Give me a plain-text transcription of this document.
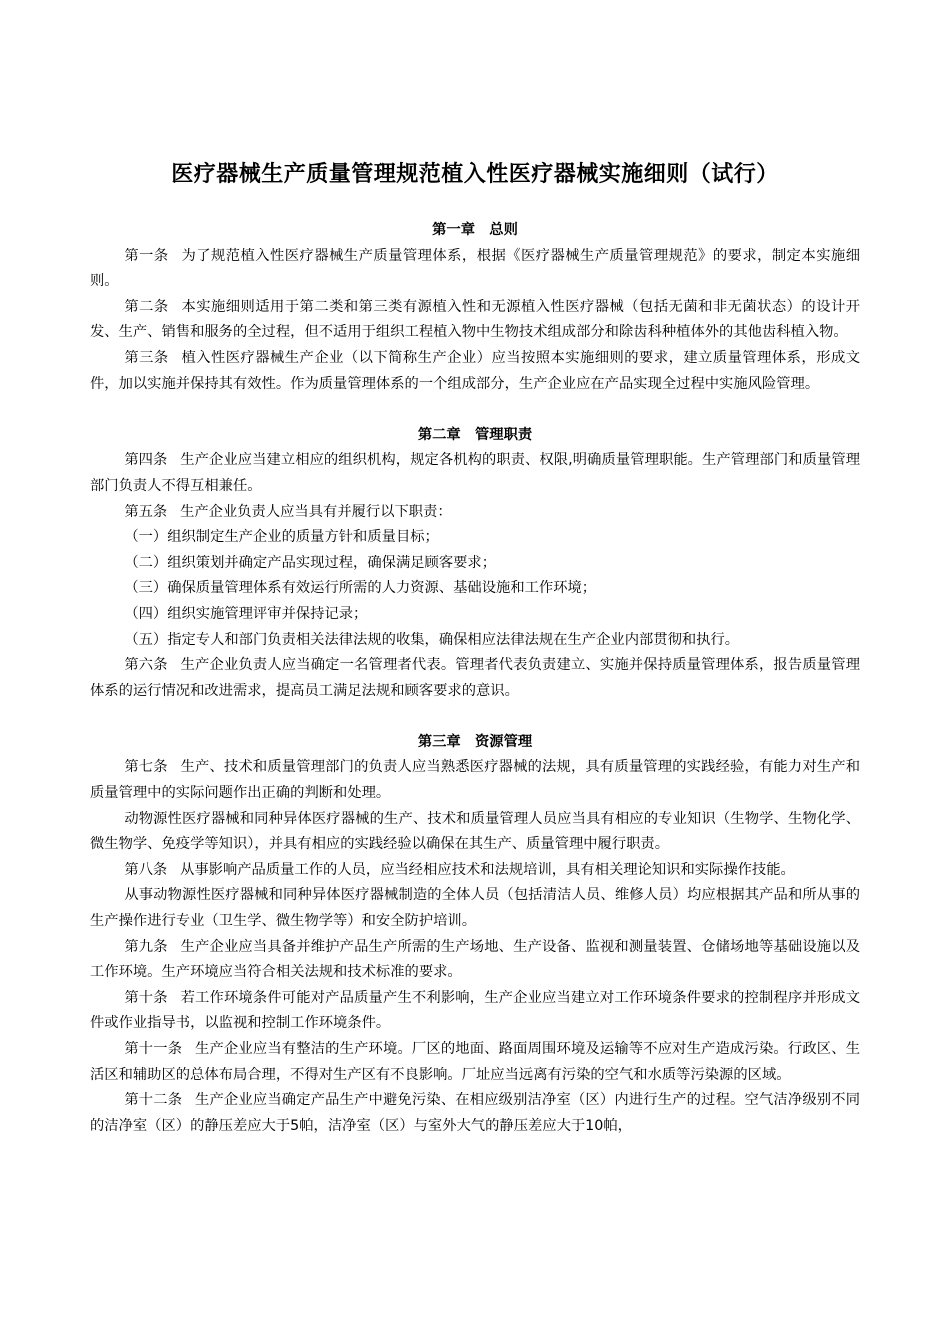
医疗器械生产质量管理规范植入性医疗器械实施细则（试行）
第一章　总则

第一条 为了规范植入性医疗器械生产质量管理体系，根据《医疗器械生产质量管理规范》的要求，制定本实施细则。

第二条 本实施细则适用于第二类和第三类有源植入性和无源植入性医疗器械（包括无菌和非无菌状态）的设计开发、生产、销售和服务的全过程，但不适用于组织工程植入物中生物技术组成部分和除齿科种植体外的其他齿科植入物。

第三条 植入性医疗器械生产企业（以下简称生产企业）应当按照本实施细则的要求，建立质量管理体系，形成文件，加以实施并保持其有效性。作为质量管理体系的一个组成部分，生产企业应在产品实现全过程中实施风险管理。

第二章　管理职责

第四条 生产企业应当建立相应的组织机构，规定各机构的职责、权限,明确质量管理职能。生产管理部门和质量管理部门负责人不得互相兼任。

第五条 生产企业负责人应当具有并履行以下职责：

（一）组织制定生产企业的质量方针和质量目标；

（二）组织策划并确定产品实现过程，确保满足顾客要求；

（三）确保质量管理体系有效运行所需的人力资源、基础设施和工作环境；

（四）组织实施管理评审并保持记录；

（五）指定专人和部门负责相关法律法规的收集，确保相应法律法规在生产企业内部贯彻和执行。

第六条 生产企业负责人应当确定一名管理者代表。管理者代表负责建立、实施并保持质量管理体系，报告质量管理体系的运行情况和改进需求，提高员工满足法规和顾客要求的意识。

第三章　资源管理

第七条 生产、技术和质量管理部门的负责人应当熟悉医疗器械的法规，具有质量管理的实践经验，有能力对生产和质量管理中的实际问题作出正确的判断和处理。

动物源性医疗器械和同种异体医疗器械的生产、技术和质量管理人员应当具有相应的专业知识（生物学、生物化学、微生物学、免疫学等知识），并具有相应的实践经验以确保在其生产、质量管理中履行职责。

第八条 从事影响产品质量工作的人员，应当经相应技术和法规培训，具有相关理论知识和实际操作技能。

从事动物源性医疗器械和同种异体医疗器械制造的全体人员（包括清洁人员、维修人员）均应根据其产品和所从事的生产操作进行专业（卫生学、微生物学等）和安全防护培训。

第九条 生产企业应当具备并维护产品生产所需的生产场地、生产设备、监视和测量装置、仓储场地等基础设施以及工作环境。生产环境应当符合相关法规和技术标准的要求。

第十条 若工作环境条件可能对产品质量产生不利影响，生产企业应当建立对工作环境条件要求的控制程序并形成文件或作业指导书，以监视和控制工作环境条件。

第十一条 生产企业应当有整洁的生产环境。厂区的地面、路面周围环境及运输等不应对生产造成污染。行政区、生活区和辅助区的总体布局合理，不得对生产区有不良影响。厂址应当远离有污染的空气和水质等污染源的区域。

第十二条 生产企业应当确定产品生产中避免污染、在相应级别洁净室（区）内进行生产的过程。空气洁净级别不同的洁净室（区）的静压差应大于5帕，洁净室（区）与室外大气的静压差应大于10帕，
